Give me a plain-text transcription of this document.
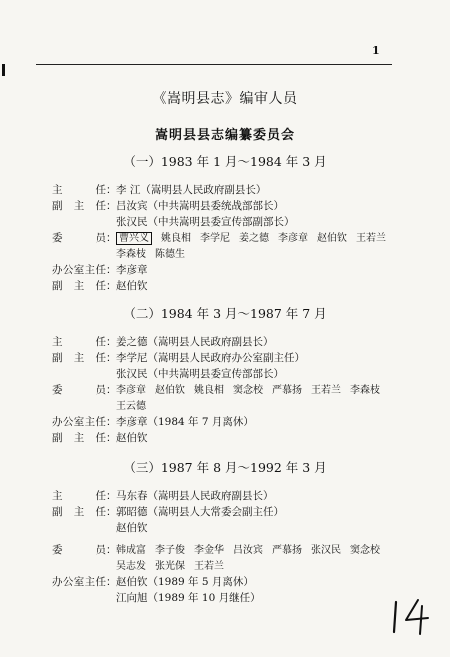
1
《嵩明县志》编审人员
嵩明县县志编纂委员会
（一）1983 年 1 月～1984 年 3 月
主 任：李 江（嵩明县人民政府副县长）
副 主 任：吕汝宾（中共嵩明县委统战部部长）
张汉民（中共嵩明县委宣传部副部长）
委 员： 曹兴义 姚良相 李学尼 姜之德 李彦章 赵伯钦 王若兰
李森枝 陈德生
办公室主任：李彦章
副 主 任：赵伯钦
（二）1984 年 3 月～1987 年 7 月
主 任：姜之德（嵩明县人民政府副县长）
副 主 任：李学尼（嵩明县人民政府办公室副主任）
张汉民（中共嵩明县委宣传部部长）
委 员：李彦章 赵伯钦 姚良相 窦念校 严慕扬 王若兰 李森枝
王云德
办公室主任：李彦章（1984 年 7 月离休）
副 主 任：赵伯钦
（三）1987 年 8 月～1992 年 3 月
主 任：马东春（嵩明县人民政府副县长）
副 主 任：郭昭德（嵩明县人大常委会副主任）
赵伯钦
委 员：韩成富 李子俊 李金华 吕汝宾 严慕扬 张汉民 窦念校
吴志发 张光保 王若兰
办公室主任：赵伯钦（1989 年 5 月离休）
江向旭（1989 年 10 月继任）
